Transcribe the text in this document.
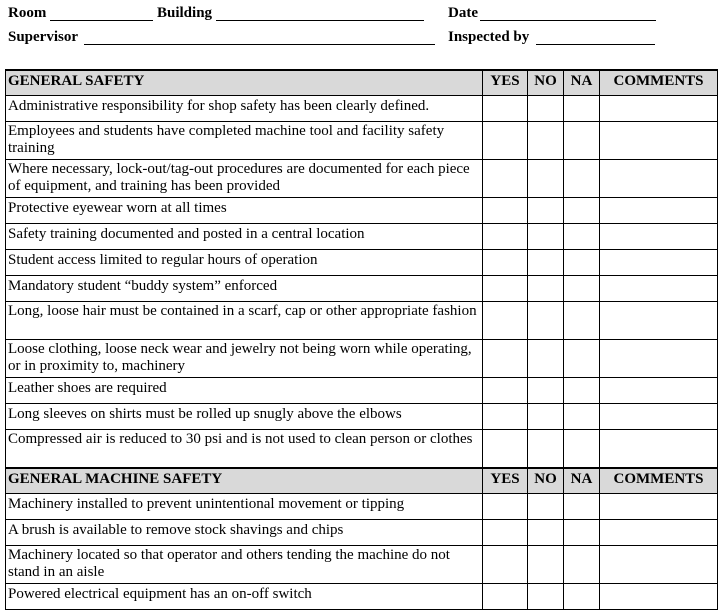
Room	Building	Date
Supervisor	Inspected by
GENERAL SAFETY	YES	NO	NA	COMMENTS
Administrative responsibility for shop safety has been clearly defined.				
Employees and students have completed machine tool and facility safety training				
Where necessary, lock-out/tag-out procedures are documented for each piece of equipment, and training has been provided				
Protective eyewear worn at all times				
Safety training documented and posted in a central location				
Student access limited to regular hours of operation				
Mandatory student “buddy system” enforced				
Long, loose hair must be contained in a scarf, cap or other appropriate fashion				
Loose clothing, loose neck wear and jewelry not being worn while operating, or in proximity to, machinery				
Leather shoes are required				
Long sleeves on shirts must be rolled up snugly above the elbows				
Compressed air is reduced to 30 psi and is not used to clean person or clothes				
GENERAL MACHINE SAFETY	YES	NO	NA	COMMENTS
Machinery installed to prevent unintentional movement or tipping				
A brush is available to remove stock shavings and chips				
Machinery located so that operator and others tending the machine do not stand in an aisle				
Powered electrical equipment has an on-off switch				
